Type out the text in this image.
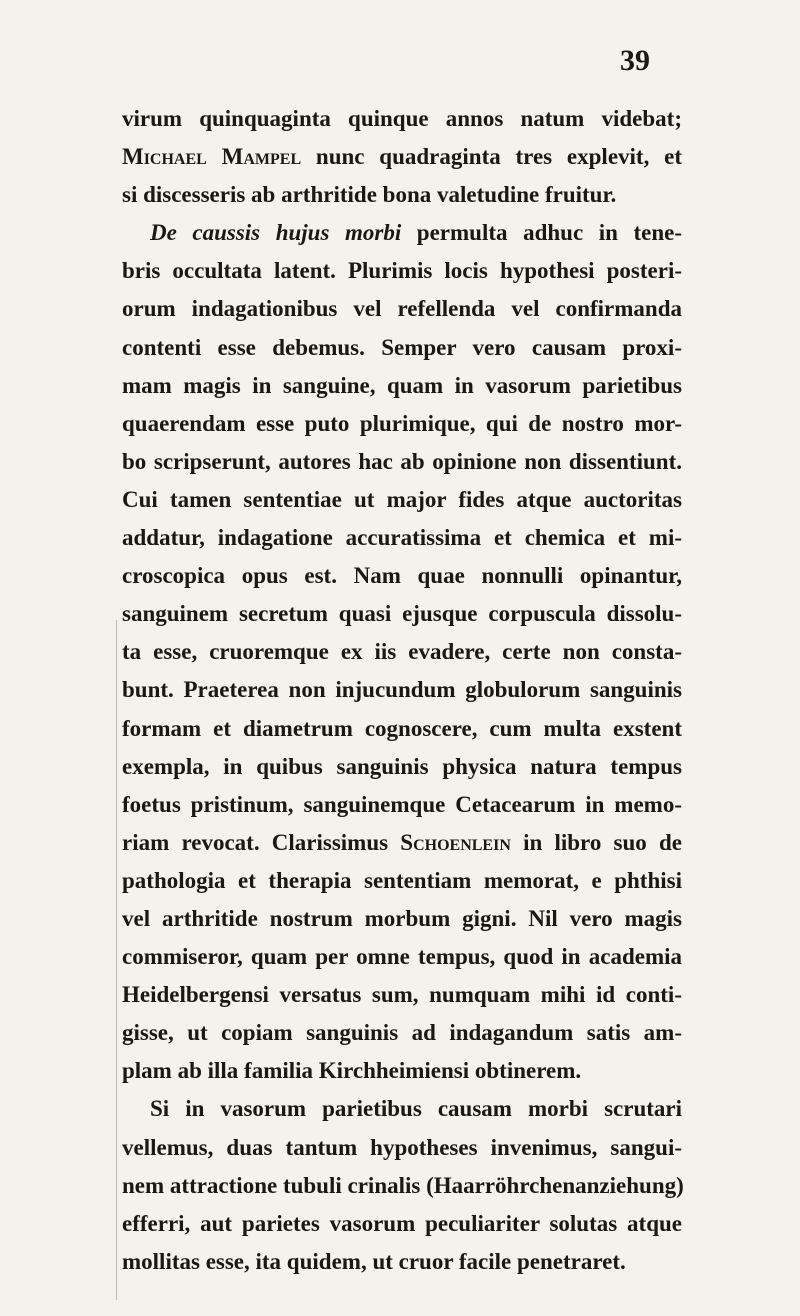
39
virum quinquaginta quinque annos natum videbat;
Michael Mampel nunc quadraginta tres explevit, et
si discesseris ab arthritide bona valetudine fruitur.
De caussis hujus morbi permulta adhuc in tene-
bris occultata latent. Plurimis locis hypothesi posteri-
orum indagationibus vel refellenda vel confirmanda
contenti esse debemus. Semper vero causam proxi-
mam magis in sanguine, quam in vasorum parietibus
quaerendam esse puto plurimique, qui de nostro mor-
bo scripserunt, autores hac ab opinione non dissentiunt.
Cui tamen sententiae ut major fides atque auctoritas
addatur, indagatione accuratissima et chemica et mi-
croscopica opus est. Nam quae nonnulli opinantur,
sanguinem secretum quasi ejusque corpuscula dissolu-
ta esse, cruoremque ex iis evadere, certe non consta-
bunt. Praeterea non injucundum globulorum sanguinis
formam et diametrum cognoscere, cum multa exstent
exempla, in quibus sanguinis physica natura tempus
foetus pristinum, sanguinemque Cetacearum in memo-
riam revocat. Clarissimus Schoenlein in libro suo de
pathologia et therapia sententiam memorat, e phthisi
vel arthritide nostrum morbum gigni. Nil vero magis
commiseror, quam per omne tempus, quod in academia
Heidelbergensi versatus sum, numquam mihi id conti-
gisse, ut copiam sanguinis ad indagandum satis am-
plam ab illa familia Kirchheimiensi obtinerem.
Si in vasorum parietibus causam morbi scrutari
vellemus, duas tantum hypotheses invenimus, sangui-
nem attractione tubuli crinalis (Haarröhrchenanziehung)
efferri, aut parietes vasorum peculiariter solutas atque
mollitas esse, ita quidem, ut cruor facile penetraret.
